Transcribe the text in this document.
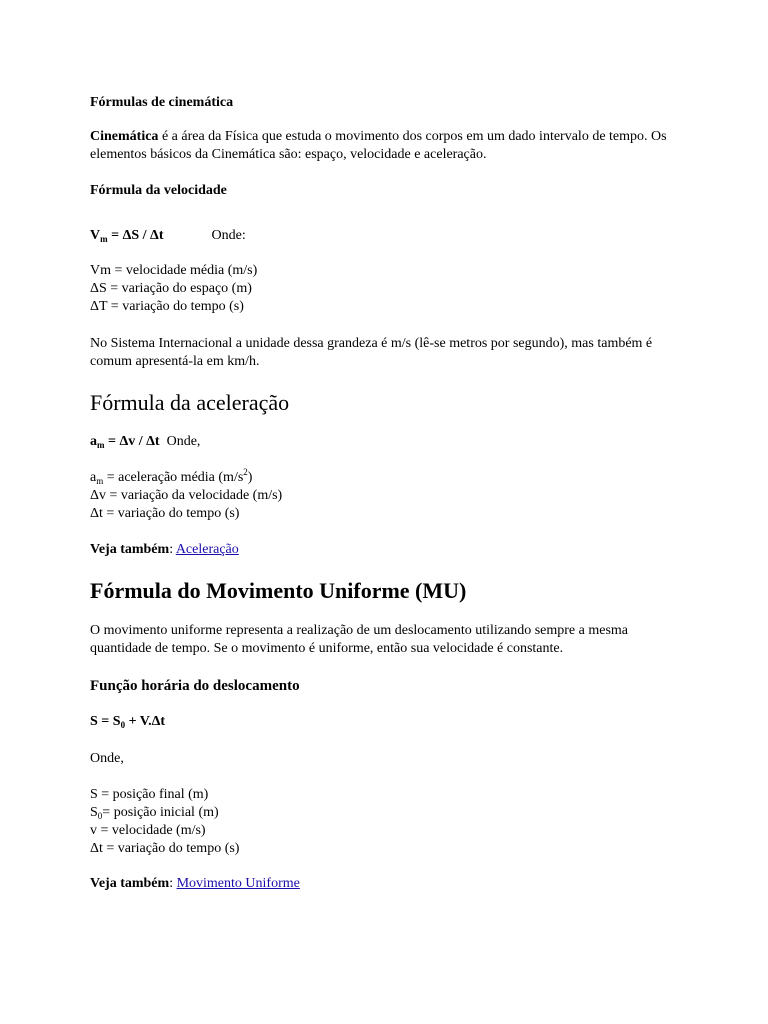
Fórmulas de cinemática

Cinemática é a área da Física que estuda o movimento dos corpos em um dado intervalo de tempo. Os elementos básicos da Cinemática são: espaço, velocidade e aceleração.

Fórmula da velocidade

$V_m = \Delta S / \Delta t$	Onde:

Vm = velocidade média (m/s)

ΔS = variação do espaço (m)

ΔT = variação do tempo (s)

No Sistema Internacional a unidade dessa grandeza é m/s (lê-se metros por segundo), mas também é comum apresentá-la em km/h.

Fórmula da aceleração

$a_m = \Delta v / \Delta t$  Onde,

$a_m$ = aceleração média $(m/s^2)$

Δv = variação da velocidade (m/s)

Δt = variação do tempo (s)

Veja também: Aceleração

Fórmula do Movimento Uniforme (MU)

O movimento uniforme representa a realização de um deslocamento utilizando sempre a mesma quantidade de tempo. Se o movimento é uniforme, então sua velocidade é constante.

Função horária do deslocamento

$S = S_0 + V.\Delta t$

Onde,

S = posição final (m)

$S_0=$ posição inicial (m)

v = velocidade (m/s)

Δt = variação do tempo (s)

Veja também: Movimento Uniforme
